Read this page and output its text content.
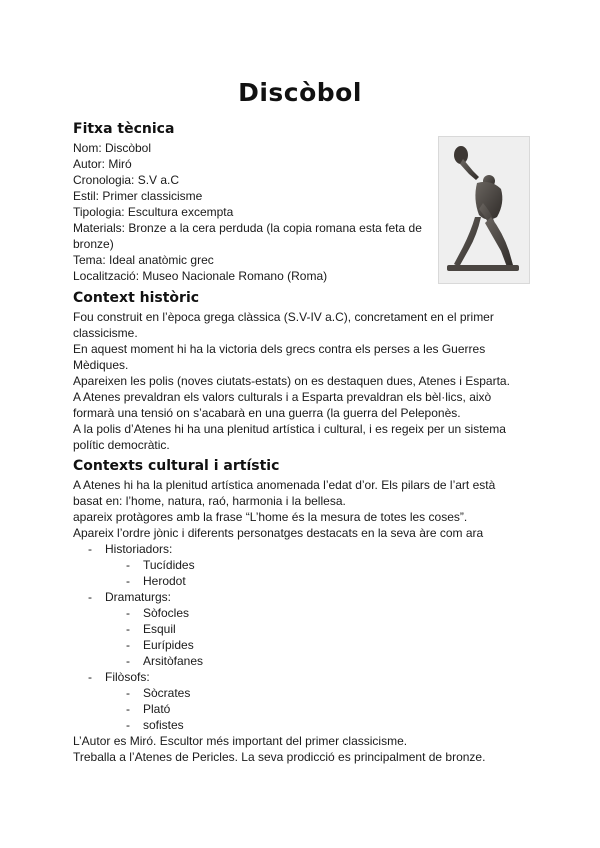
Discòbol
Fitxa tècnica
Nom: Discòbol
Autor: Miró
Cronologia: S.V a.C
Estil: Primer classicisme
Tipologia: Escultura excempta
Materials: Bronze a la cera perduda (la copia romana esta feta de
bronze)
Tema: Ideal anatòmic grec
Localització: Museo Nacionale Romano (Roma)
Context històric
Fou construit en l’època grega clàssica (S.V-IV a.C), concretament en el primer
classicisme.
En aquest moment hi ha la victoria dels grecs contra els perses a les Guerres
Mèdiques.
Apareixen les polis (noves ciutats-estats) on es destaquen dues, Atenes i Esparta.
A Atenes prevaldran els valors culturals i a Esparta prevaldran els bèl·lics, això
formarà una tensió on s’acabarà en una guerra (la guerra del Peleponès.
A la polis d’Atenes hi ha una plenitud artística i cultural, i es regeix per un sistema
polític democràtic.
Contexts cultural i artístic
A Atenes hi ha la plenitud artística anomenada l’edat d’or. Els pilars de l’art està
basat en: l’home, natura, raó, harmonia i la bellesa.
apareix protàgores amb la frase “L’home és la mesura de totes les coses”.
Apareix l’ordre jònic i diferents personatges destacats en la seva àre com ara
- Historiadors:
- Tucídides
- Herodot
- Dramaturgs:
- Sòfocles
- Esquil
- Eurípides
- Arsitòfanes
- Filòsofs:
- Sòcrates
- Plató
- sofistes
L’Autor es Miró. Escultor més important del primer classicisme.
Treballa a l’Atenes de Pericles. La seva prodicció es principalment de bronze.
